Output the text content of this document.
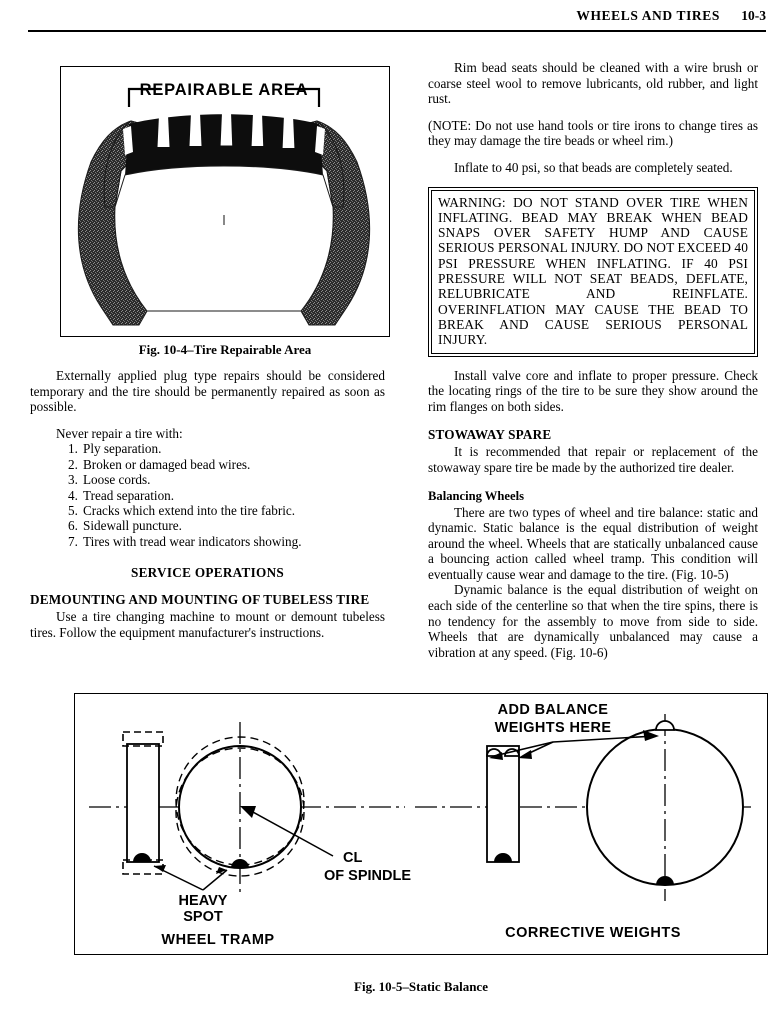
WHEELS AND TIRES 10-3
REPAIRABLE AREA
Fig. 10-4–Tire Repairable Area

Externally applied plug type repairs should be considered temporary and the tire should be permanently repaired as soon as possible.

Never repair a tire with:

1. Ply separation.
2. Broken or damaged bead wires.
3. Loose cords.
4. Tread separation.
5. Cracks which extend into the tire fabric.
6. Sidewall puncture.
7. Tires with tread wear indicators showing.
SERVICE OPERATIONS
DEMOUNTING AND MOUNTING OF TUBELESS TIRE

Use a tire changing machine to mount or demount tubeless tires. Follow the equipment manufacturer's instructions.

Rim bead seats should be cleaned with a wire brush or coarse steel wool to remove lubricants, old rubber, and light rust.

(NOTE: Do not use hand tools or tire irons to change tires as they may damage the tire beads or wheel rim.)

Inflate to 40 psi, so that beads are completely seated.

WARNING: DO NOT STAND OVER TIRE WHEN INFLATING. BEAD MAY BREAK WHEN BEAD SNAPS OVER SAFETY HUMP AND CAUSE SERIOUS PERSONAL INJURY. DO NOT EXCEED 40 PSI PRESSURE WHEN INFLATING. IF 40 PSI PRESSURE WILL NOT SEAT BEADS, DEFLATE, RELUBRICATE AND REINFLATE. OVERINFLATION MAY CAUSE THE BEAD TO BREAK AND CAUSE SERIOUS PERSONAL INJURY.

Install valve core and inflate to proper pressure. Check the locating rings of the tire to be sure they show around the rim flanges on both sides.

STOWAWAY SPARE

It is recommended that repair or replacement of the stowaway spare tire be made by the authorized tire dealer.

Balancing Wheels

There are two types of wheel and tire balance: static and dynamic. Static balance is the equal distribution of weight around the wheel. Wheels that are statically unbalanced cause a bouncing action called wheel tramp. This condition will eventually cause wear and damage to the tire. (Fig. 10-5)

Dynamic balance is the equal distribution of weight on each side of the centerline so that when the tire spins, there is no tendency for the assembly to move from side to side. Wheels that are dynamically unbalanced may cause a vibration at any speed. (Fig. 10-6)

HEAVY
SPOT
WHEEL TRAMP
CL
OF SPINDLE
ADD BALANCE
WEIGHTS HERE
CORRECTIVE WEIGHTS
Fig. 10-5–Static Balance
